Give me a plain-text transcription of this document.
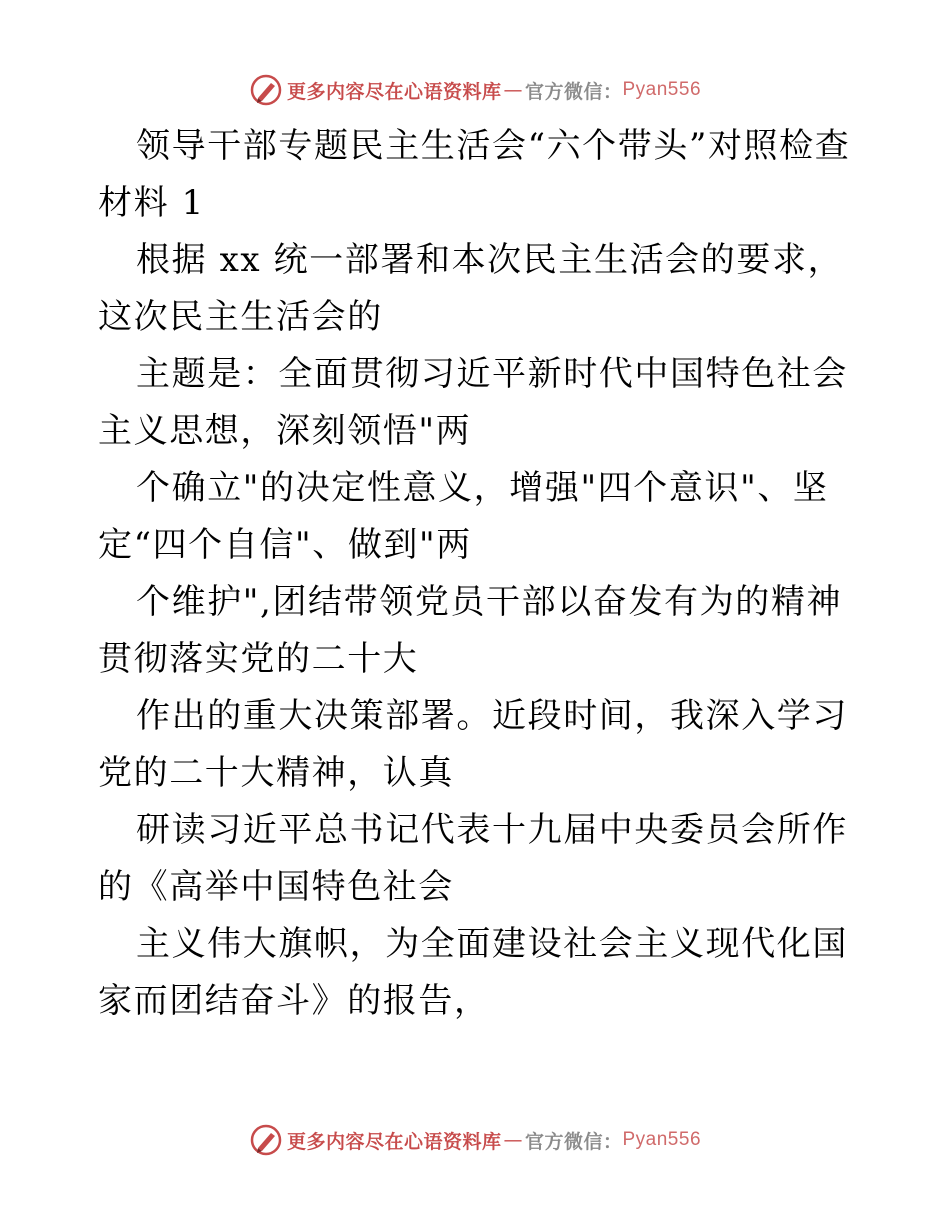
更多内容尽在心语资料库 — 官方微信： Pyan556

领导干部专题民主生活会“六个带头”对照检查材料 1

根据 xx 统一部署和本次民主生活会的要求，这次民主生活会的

主题是：全面贯彻习近平新时代中国特色社会主义思想，深刻领悟"两

个确立"的决定性意义，增强"四个意识"、坚定“四个自信"、做到"两

个维护",团结带领党员干部以奋发有为的精神贯彻落实党的二十大

作出的重大决策部署。近段时间，我深入学习党的二十大精神，认真

研读习近平总书记代表十九届中央委员会所作的《高举中国特色社会

主义伟大旗帜，为全面建设社会主义现代化国家而团结奋斗》的报告，

更多内容尽在心语资料库 — 官方微信： Pyan556
